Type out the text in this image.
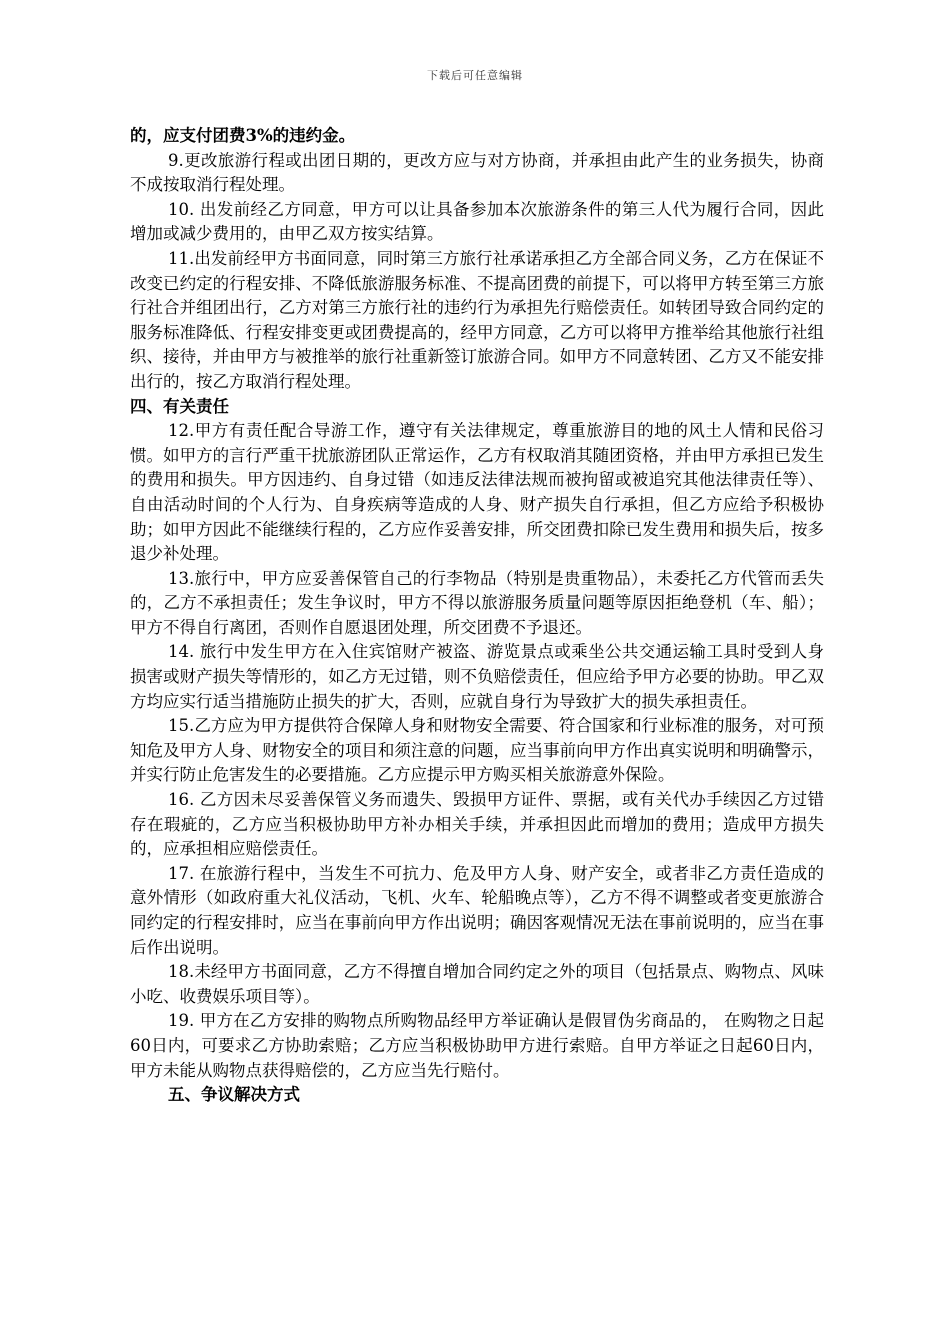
下载后可任意编辑

的，应支付团费3%的违约金。

9.更改旅游行程或出团日期的，更改方应与对方协商，并承担由此产生的业务损失，协商不成按取消行程处理。

10. 出发前经乙方同意，甲方可以让具备参加本次旅游条件的第三人代为履行合同，因此增加或减少费用的，由甲乙双方按实结算。

11.出发前经甲方书面同意，同时第三方旅行社承诺承担乙方全部合同义务，乙方在保证不改变已约定的行程安排、不降低旅游服务标准、不提高团费的前提下，可以将甲方转至第三方旅行社合并组团出行，乙方对第三方旅行社的违约行为承担先行赔偿责任。如转团导致合同约定的服务标准降低、行程安排变更或团费提高的，经甲方同意，乙方可以将甲方推举给其他旅行社组织、接待，并由甲方与被推举的旅行社重新签订旅游合同。如甲方不同意转团、乙方又不能安排出行的，按乙方取消行程处理。

四、有关责任

12.甲方有责任配合导游工作，遵守有关法律规定，尊重旅游目的地的风土人情和民俗习惯。如甲方的言行严重干扰旅游团队正常运作，乙方有权取消其随团资格，并由甲方承担已发生的费用和损失。甲方因违约、自身过错（如违反法律法规而被拘留或被追究其他法律责任等）、自由活动时间的个人行为、自身疾病等造成的人身、财产损失自行承担，但乙方应给予积极协助；如甲方因此不能继续行程的，乙方应作妥善安排，所交团费扣除已发生费用和损失后，按多退少补处理。

13.旅行中，甲方应妥善保管自己的行李物品（特别是贵重物品），未委托乙方代管而丢失的，乙方不承担责任；发生争议时，甲方不得以旅游服务质量问题等原因拒绝登机（车、船）；甲方不得自行离团，否则作自愿退团处理，所交团费不予退还。

14. 旅行中发生甲方在入住宾馆财产被盗、游览景点或乘坐公共交通运输工具时受到人身损害或财产损失等情形的，如乙方无过错，则不负赔偿责任，但应给予甲方必要的协助。甲乙双方均应实行适当措施防止损失的扩大，否则，应就自身行为导致扩大的损失承担责任。

15.乙方应为甲方提供符合保障人身和财物安全需要、符合国家和行业标准的服务，对可预知危及甲方人身、财物安全的项目和须注意的问题，应当事前向甲方作出真实说明和明确警示，并实行防止危害发生的必要措施。乙方应提示甲方购买相关旅游意外保险。

16. 乙方因未尽妥善保管义务而遗失、毁损甲方证件、票据，或有关代办手续因乙方过错存在瑕疵的，乙方应当积极协助甲方补办相关手续，并承担因此而增加的费用；造成甲方损失的，应承担相应赔偿责任。

17. 在旅游行程中，当发生不可抗力、危及甲方人身、财产安全，或者非乙方责任造成的意外情形（如政府重大礼仪活动，飞机、火车、轮船晚点等），乙方不得不调整或者变更旅游合同约定的行程安排时，应当在事前向甲方作出说明；确因客观情况无法在事前说明的，应当在事后作出说明。

18.未经甲方书面同意，乙方不得擅自增加合同约定之外的项目（包括景点、购物点、风味小吃、收费娱乐项目等）。

19. 甲方在乙方安排的购物点所购物品经甲方举证确认是假冒伪劣商品的， 在购物之日起60日内，可要求乙方协助索赔；乙方应当积极协助甲方进行索赔。自甲方举证之日起60日内，甲方未能从购物点获得赔偿的，乙方应当先行赔付。

五、争议解决方式
